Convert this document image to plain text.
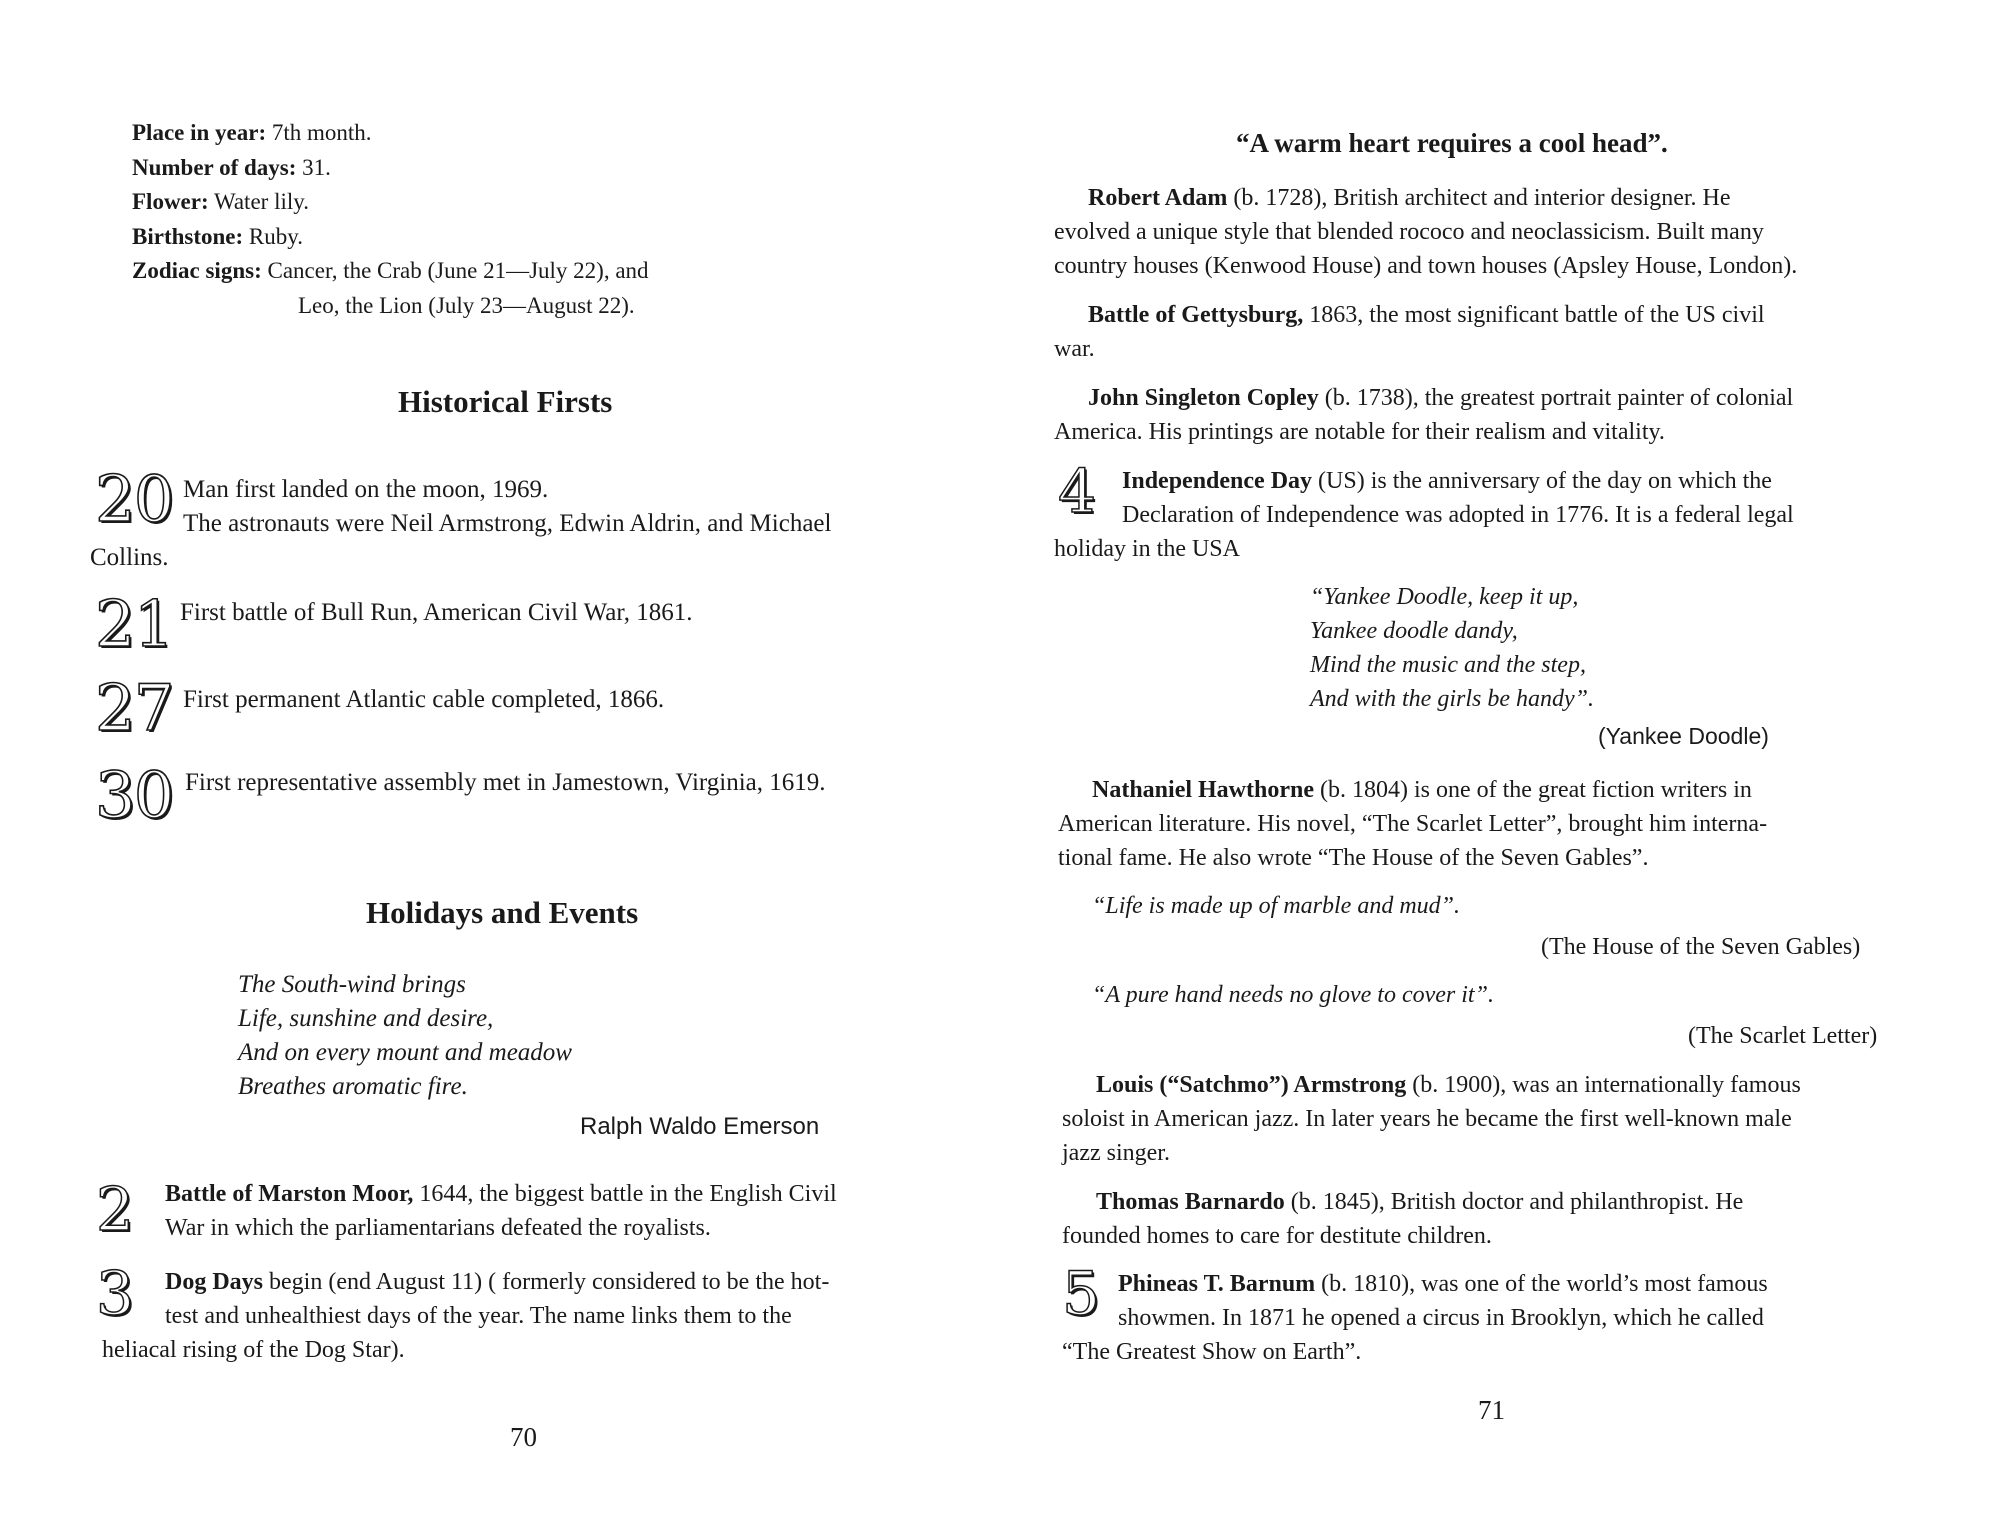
Place in year: 7th month.
Number of days: 31.
Flower: Water lily.
Birthstone: Ruby.
Zodiac signs: Cancer, the Crab (June 21—July 22), and
Leo, the Lion (July 23—August 22).
Historical Firsts
20 Man first landed on the moon, 1969.
The astronauts were Neil Armstrong, Edwin Aldrin, and Michael
Collins.
21 First battle of Bull Run, American Civil War, 1861.
27 First permanent Atlantic cable completed, 1866.
30 First representative assembly met in Jamestown, Virginia, 1619.
Holidays and Events
The South-wind brings
Life, sunshine and desire,
And on every mount and meadow
Breathes aromatic fire.
Ralph Waldo Emerson
2 Battle of Marston Moor, 1644, the biggest battle in the English Civil
War in which the parliamentarians defeated the royalists.
3 Dog Days begin (end August 11) ( formerly considered to be the hot-
test and unhealthiest days of the year. The name links them to the
heliacal rising of the Dog Star).
70
“A warm heart requires a cool head”.
Robert Adam (b. 1728), British architect and interior designer. He
evolved a unique style that blended rococo and neoclassicism. Built many
country houses (Kenwood House) and town houses (Apsley House, London).
Battle of Gettysburg, 1863, the most significant battle of the US civil
war.
John Singleton Copley (b. 1738), the greatest portrait painter of colonial
America. His printings are notable for their realism and vitality.
4 Independence Day (US) is the anniversary of the day on which the
Declaration of Independence was adopted in 1776. It is a federal legal
holiday in the USA
“Yankee Doodle, keep it up,
Yankee doodle dandy,
Mind the music and the step,
And with the girls be handy”.
(Yankee Doodle)
Nathaniel Hawthorne (b. 1804) is one of the great fiction writers in
American literature. His novel, “The Scarlet Letter”, brought him interna-
tional fame. He also wrote “The House of the Seven Gables”.
“Life is made up of marble and mud”.
(The House of the Seven Gables)
“A pure hand needs no glove to cover it”.
(The Scarlet Letter)
Louis (“Satchmo”) Armstrong (b. 1900), was an internationally famous
soloist in American jazz. In later years he became the first well-known male
jazz singer.
Thomas Barnardo (b. 1845), British doctor and philanthropist. He
founded homes to care for destitute children.
5 Phineas T. Barnum (b. 1810), was one of the world’s most famous
showmen. In 1871 he opened a circus in Brooklyn, which he called
“The Greatest Show on Earth”.
71
